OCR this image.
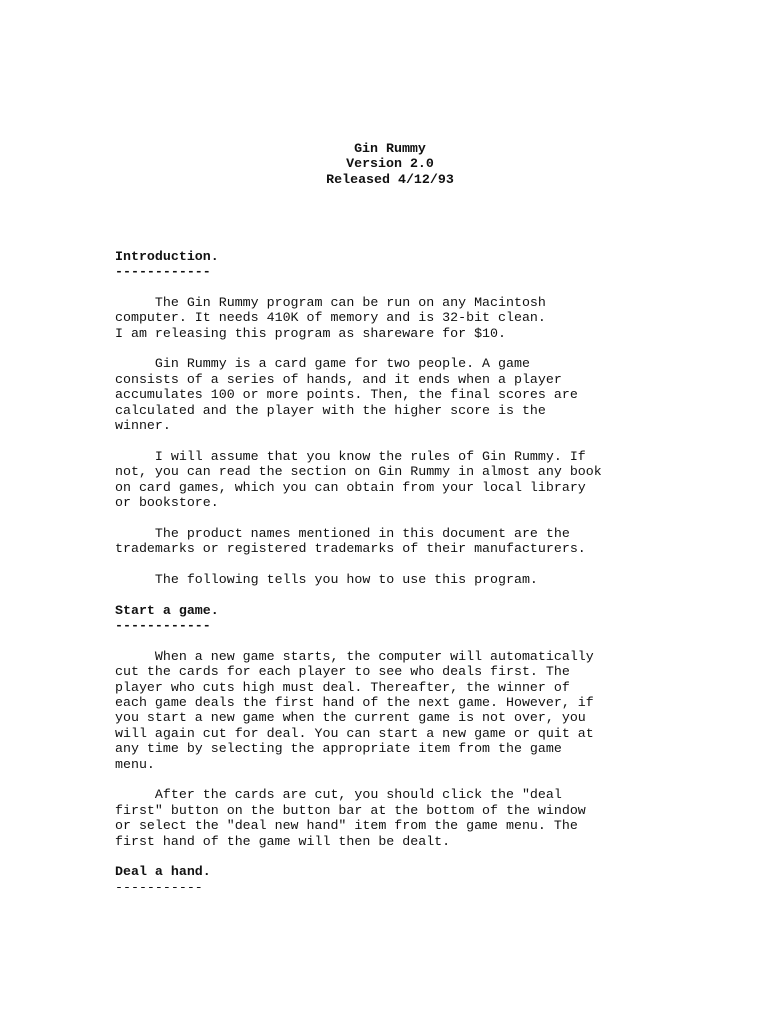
Gin Rummy
Version 2.0
Released 4/12/93
Introduction.
------------
The Gin Rummy program can be run on any Macintosh
computer. It needs 410K of memory and is 32-bit clean.
I am releasing this program as shareware for $10.
Gin Rummy is a card game for two people. A game
consists of a series of hands, and it ends when a player
accumulates 100 or more points. Then, the final scores are
calculated and the player with the higher score is the
winner.
I will assume that you know the rules of Gin Rummy. If
not, you can read the section on Gin Rummy in almost any book
on card games, which you can obtain from your local library
or bookstore.
The product names mentioned in this document are the
trademarks or registered trademarks of their manufacturers.
The following tells you how to use this program.
Start a game.
------------
When a new game starts, the computer will automatically
cut the cards for each player to see who deals first. The
player who cuts high must deal. Thereafter, the winner of
each game deals the first hand of the next game. However, if
you start a new game when the current game is not over, you
will again cut for deal. You can start a new game or quit at
any time by selecting the appropriate item from the game
menu.
After the cards are cut, you should click the "deal
first" button on the button bar at the bottom of the window
or select the "deal new hand" item from the game menu. The
first hand of the game will then be dealt.
Deal a hand.
-----------
